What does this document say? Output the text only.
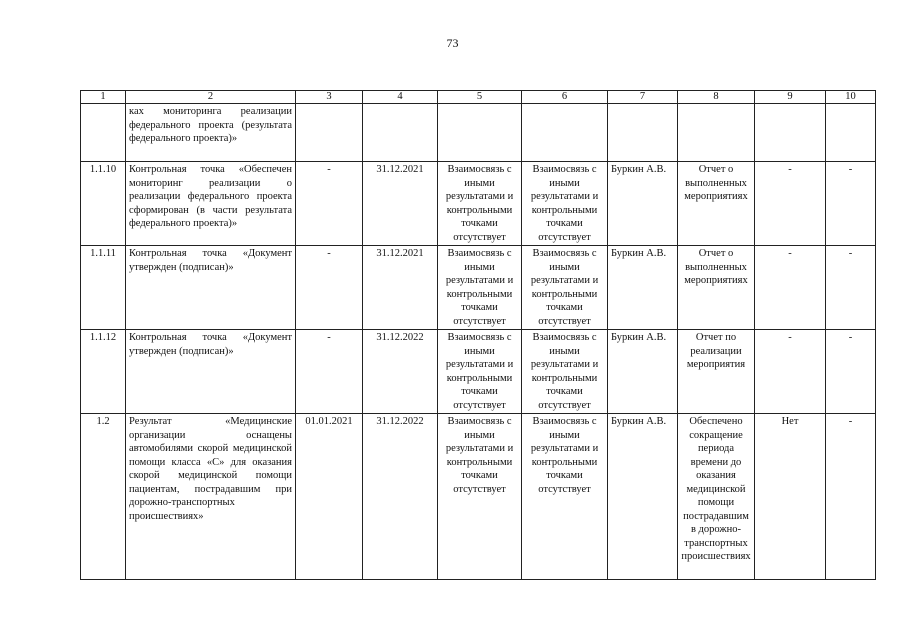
73
1	2	3	4	5	6	7	8	9	10
	ках мониторинга реализации федерального проекта (результата федерального проекта)»								
1.1.10	Контрольная точка «Обеспечен мониторинг реализации о реализации федерального проекта сформирован (в части результата федерального проекта)»	-	31.12.2021	Взаимосвязь с иными результатами и контрольными точками отсутствует	Взаимосвязь с иными результатами и контрольными точками отсутствует	Буркин А.В.	Отчет о выполненных мероприятиях	-	-
1.1.11	Контрольная точка «Документ утвержден (подписан)»	-	31.12.2021	Взаимосвязь с иными результатами и контрольными точками отсутствует	Взаимосвязь с иными результатами и контрольными точками отсутствует	Буркин А.В.	Отчет о выполненных мероприятиях	-	-
1.1.12	Контрольная точка «Документ утвержден (подписан)»	-	31.12.2022	Взаимосвязь с иными результатами и контрольными точками отсутствует	Взаимосвязь с иными результатами и контрольными точками отсутствует	Буркин А.В.	Отчет по реализации мероприятия	-	-
1.2	Результат «Медицинские организации оснащены автомобилями скорой медицинской помощи класса «С» для оказания скорой медицинской помощи пациентам, пострадавшим при дорожно-транспортных происшествиях»	01.01.2021	31.12.2022	Взаимосвязь с иными результатами и контрольными точками отсутствует	Взаимосвязь с иными результатами и контрольными точками отсутствует	Буркин А.В.	Обеспечено сокращение периода времени до оказания медицинской помощи пострадавшим в дорожно-транспортных происшествиях	Нет	-
